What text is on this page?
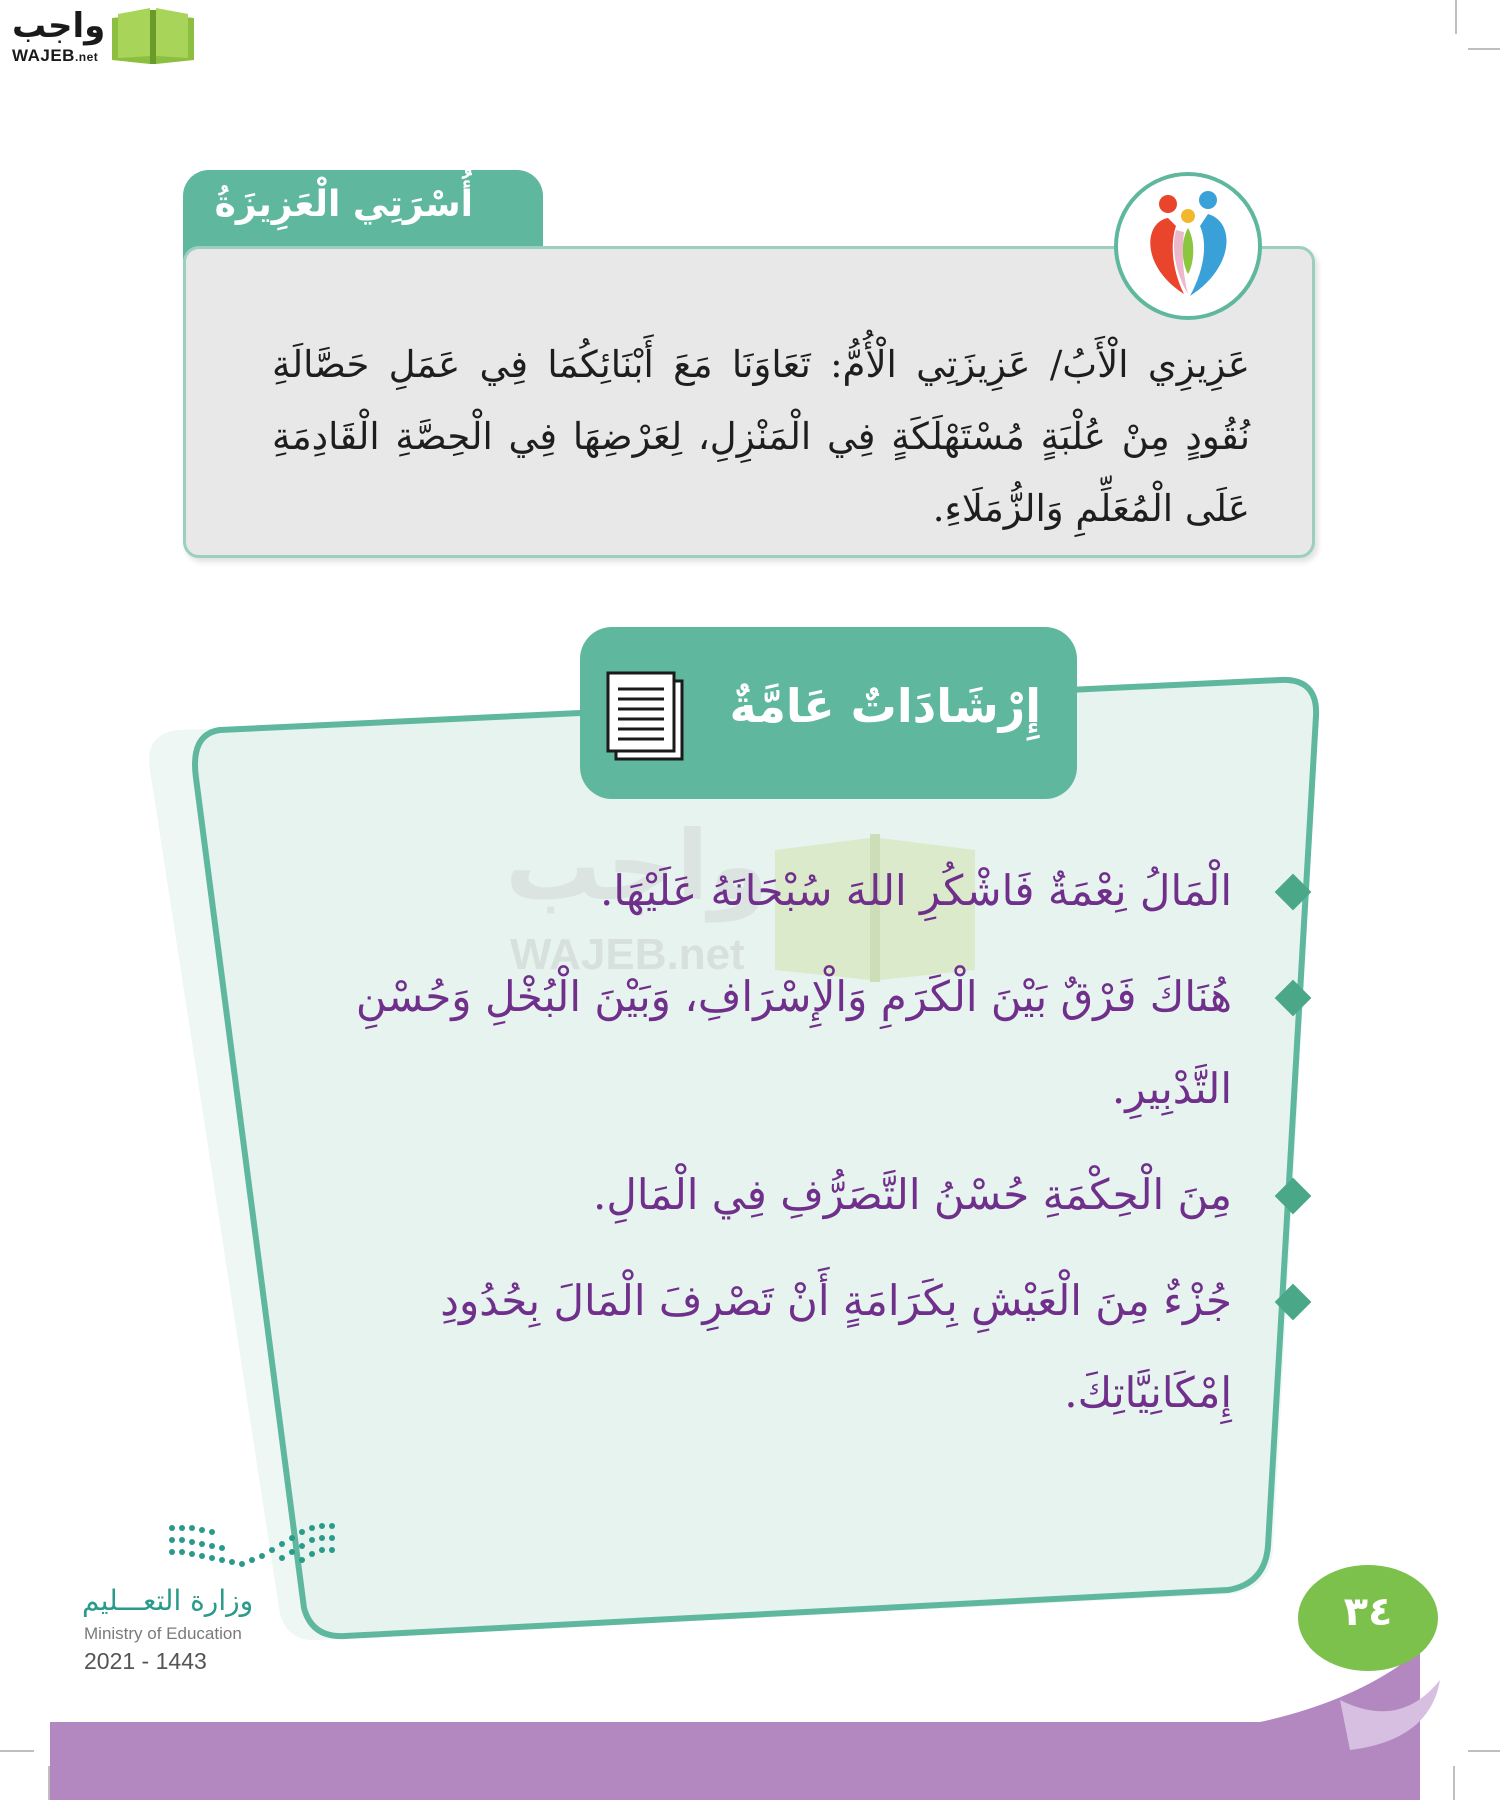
واجب
WAJEB.net
أُسْرَتِي الْعَزِيزَةُ
عَزِيزِي الْأَبُ/ عَزِيزَتِي الْأُمُّ: تَعَاوَنَا مَعَ أَبْنَائِكُمَا فِي عَمَلِ حَصَّالَةِ نُقُودٍ مِنْ عُلْبَةٍ مُسْتَهْلَكَةٍ فِي الْمَنْزِلِ، لِعَرْضِهَا فِي الْحِصَّةِ الْقَادِمَةِ عَلَى الْمُعَلِّمِ وَالزُّمَلَاءِ.
إِرْشَادَاتٌ عَامَّةٌ
واجب
WAJEB.net
الْمَالُ نِعْمَةٌ فَاشْكُرِ اللهَ سُبْحَانَهُ عَلَيْهَا.
هُنَاكَ فَرْقٌ بَيْنَ الْكَرَمِ وَالْإِسْرَافِ، وَبَيْنَ الْبُخْلِ وَحُسْنِ التَّدْبِيرِ.
مِنَ الْحِكْمَةِ حُسْنُ التَّصَرُّفِ فِي الْمَالِ.
جُزْءٌ مِنَ الْعَيْشِ بِكَرَامَةٍ أَنْ تَصْرِفَ الْمَالَ بِحُدُودِ إِمْكَانِيَّاتِكَ.
وزارة التعـــليم
Ministry of Education
2021 - 1443
٣٤
